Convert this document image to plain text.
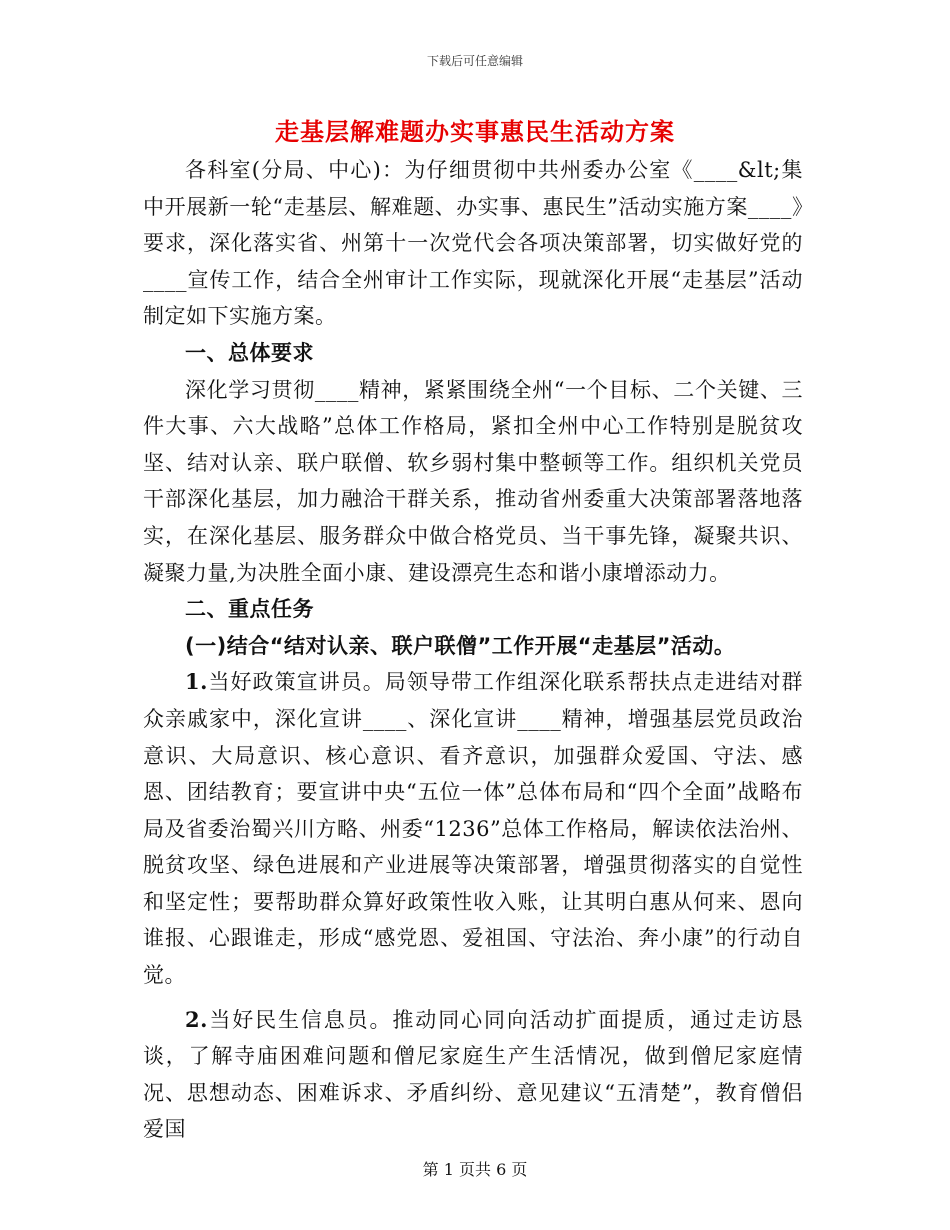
下载后可任意编辑
走基层解难题办实事惠民生活动方案

各科室(分局、中心)：为仔细贯彻中共州委办公室《____&lt;集中开展新一轮“走基层、解难题、办实事、惠民生”活动实施方案____》要求，深化落实省、州第十一次党代会各项决策部署，切实做好党的____宣传工作，结合全州审计工作实际，现就深化开展“走基层”活动制定如下实施方案。

一、总体要求

深化学习贯彻____精神，紧紧围绕全州“一个目标、二个关键、三件大事、六大战略”总体工作格局，紧扣全州中心工作特别是脱贫攻坚、结对认亲、联户联僧、软乡弱村集中整顿等工作。组织机关党员干部深化基层，加力融洽干群关系，推动省州委重大决策部署落地落实，在深化基层、服务群众中做合格党员、当干事先锋，凝聚共识、凝聚力量,为决胜全面小康、建设漂亮生态和谐小康增添动力。

二、重点任务

(一)结合“结对认亲、联户联僧”工作开展“走基层”活动。

1.当好政策宣讲员。局领导带工作组深化联系帮扶点走进结对群众亲戚家中，深化宣讲____、深化宣讲____精神，增强基层党员政治意识、大局意识、核心意识、看齐意识，加强群众爱国、守法、感恩、团结教育；要宣讲中央“五位一体”总体布局和“四个全面”战略布局及省委治蜀兴川方略、州委“1236”总体工作格局，解读依法治州、脱贫攻坚、绿色进展和产业进展等决策部署，增强贯彻落实的自觉性和坚定性；要帮助群众算好政策性收入账，让其明白惠从何来、恩向谁报、心跟谁走，形成“感党恩、爱祖国、守法治、奔小康”的行动自觉。

2.当好民生信息员。推动同心同向活动扩面提质，通过走访恳谈，了解寺庙困难问题和僧尼家庭生产生活情况，做到僧尼家庭情况、思想动态、困难诉求、矛盾纠纷、意见建议“五清楚”，教育僧侣爱国

第 1 页共 6 页
